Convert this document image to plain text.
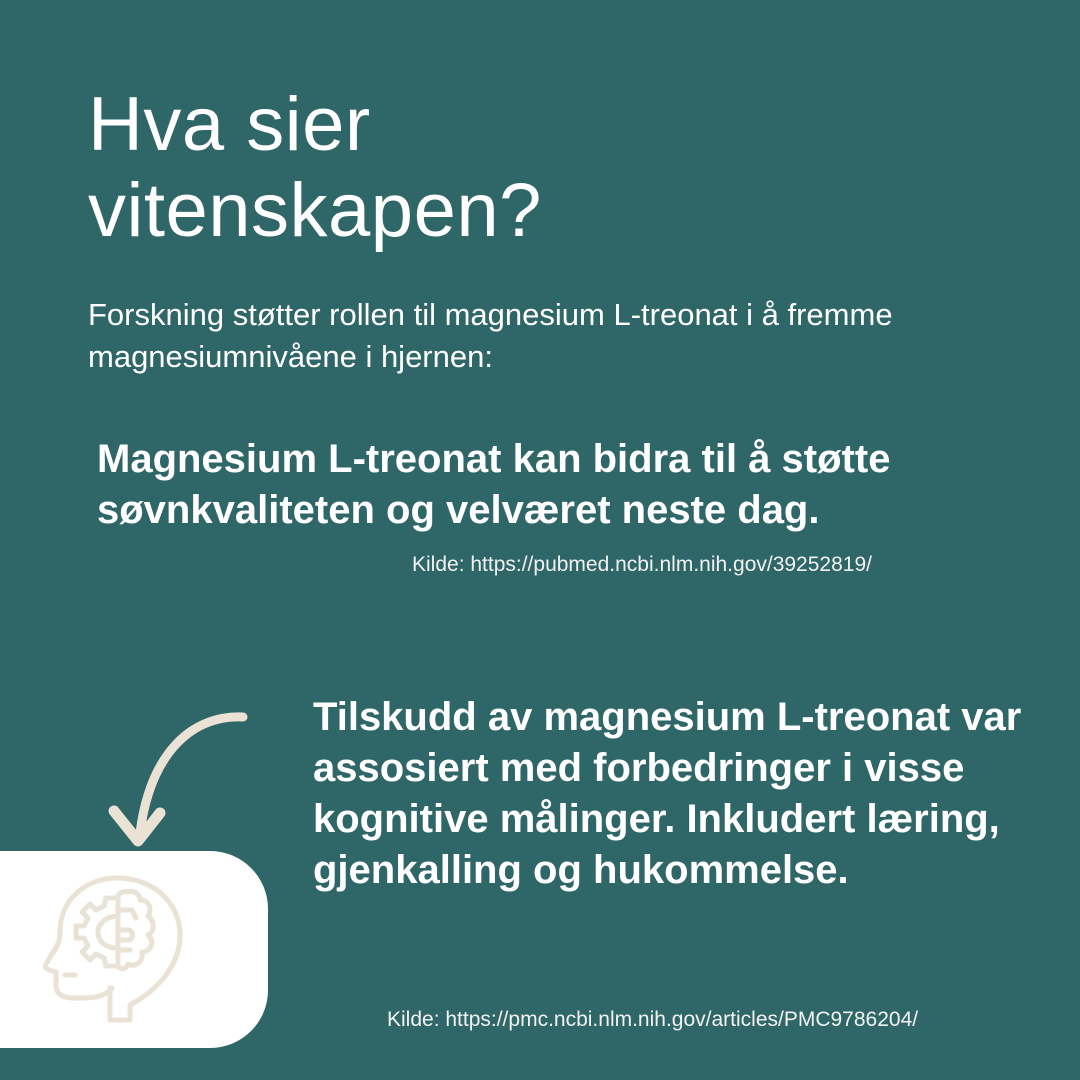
Hva sier
vitenskapen?

Forskning støtter rollen til magnesium L-treonat i å fremme magnesiumnivåene i hjernen:

Magnesium L-treonat kan bidra til å støtte søvnkvaliteten og velværet neste dag.

Kilde: https://pubmed.ncbi.nlm.nih.gov/39252819/

Tilskudd av magnesium L-treonat var assosiert med forbedringer i visse kognitive målinger. Inkludert læring, gjenkalling og hukommelse.

Kilde: https://pmc.ncbi.nlm.nih.gov/articles/PMC9786204/
